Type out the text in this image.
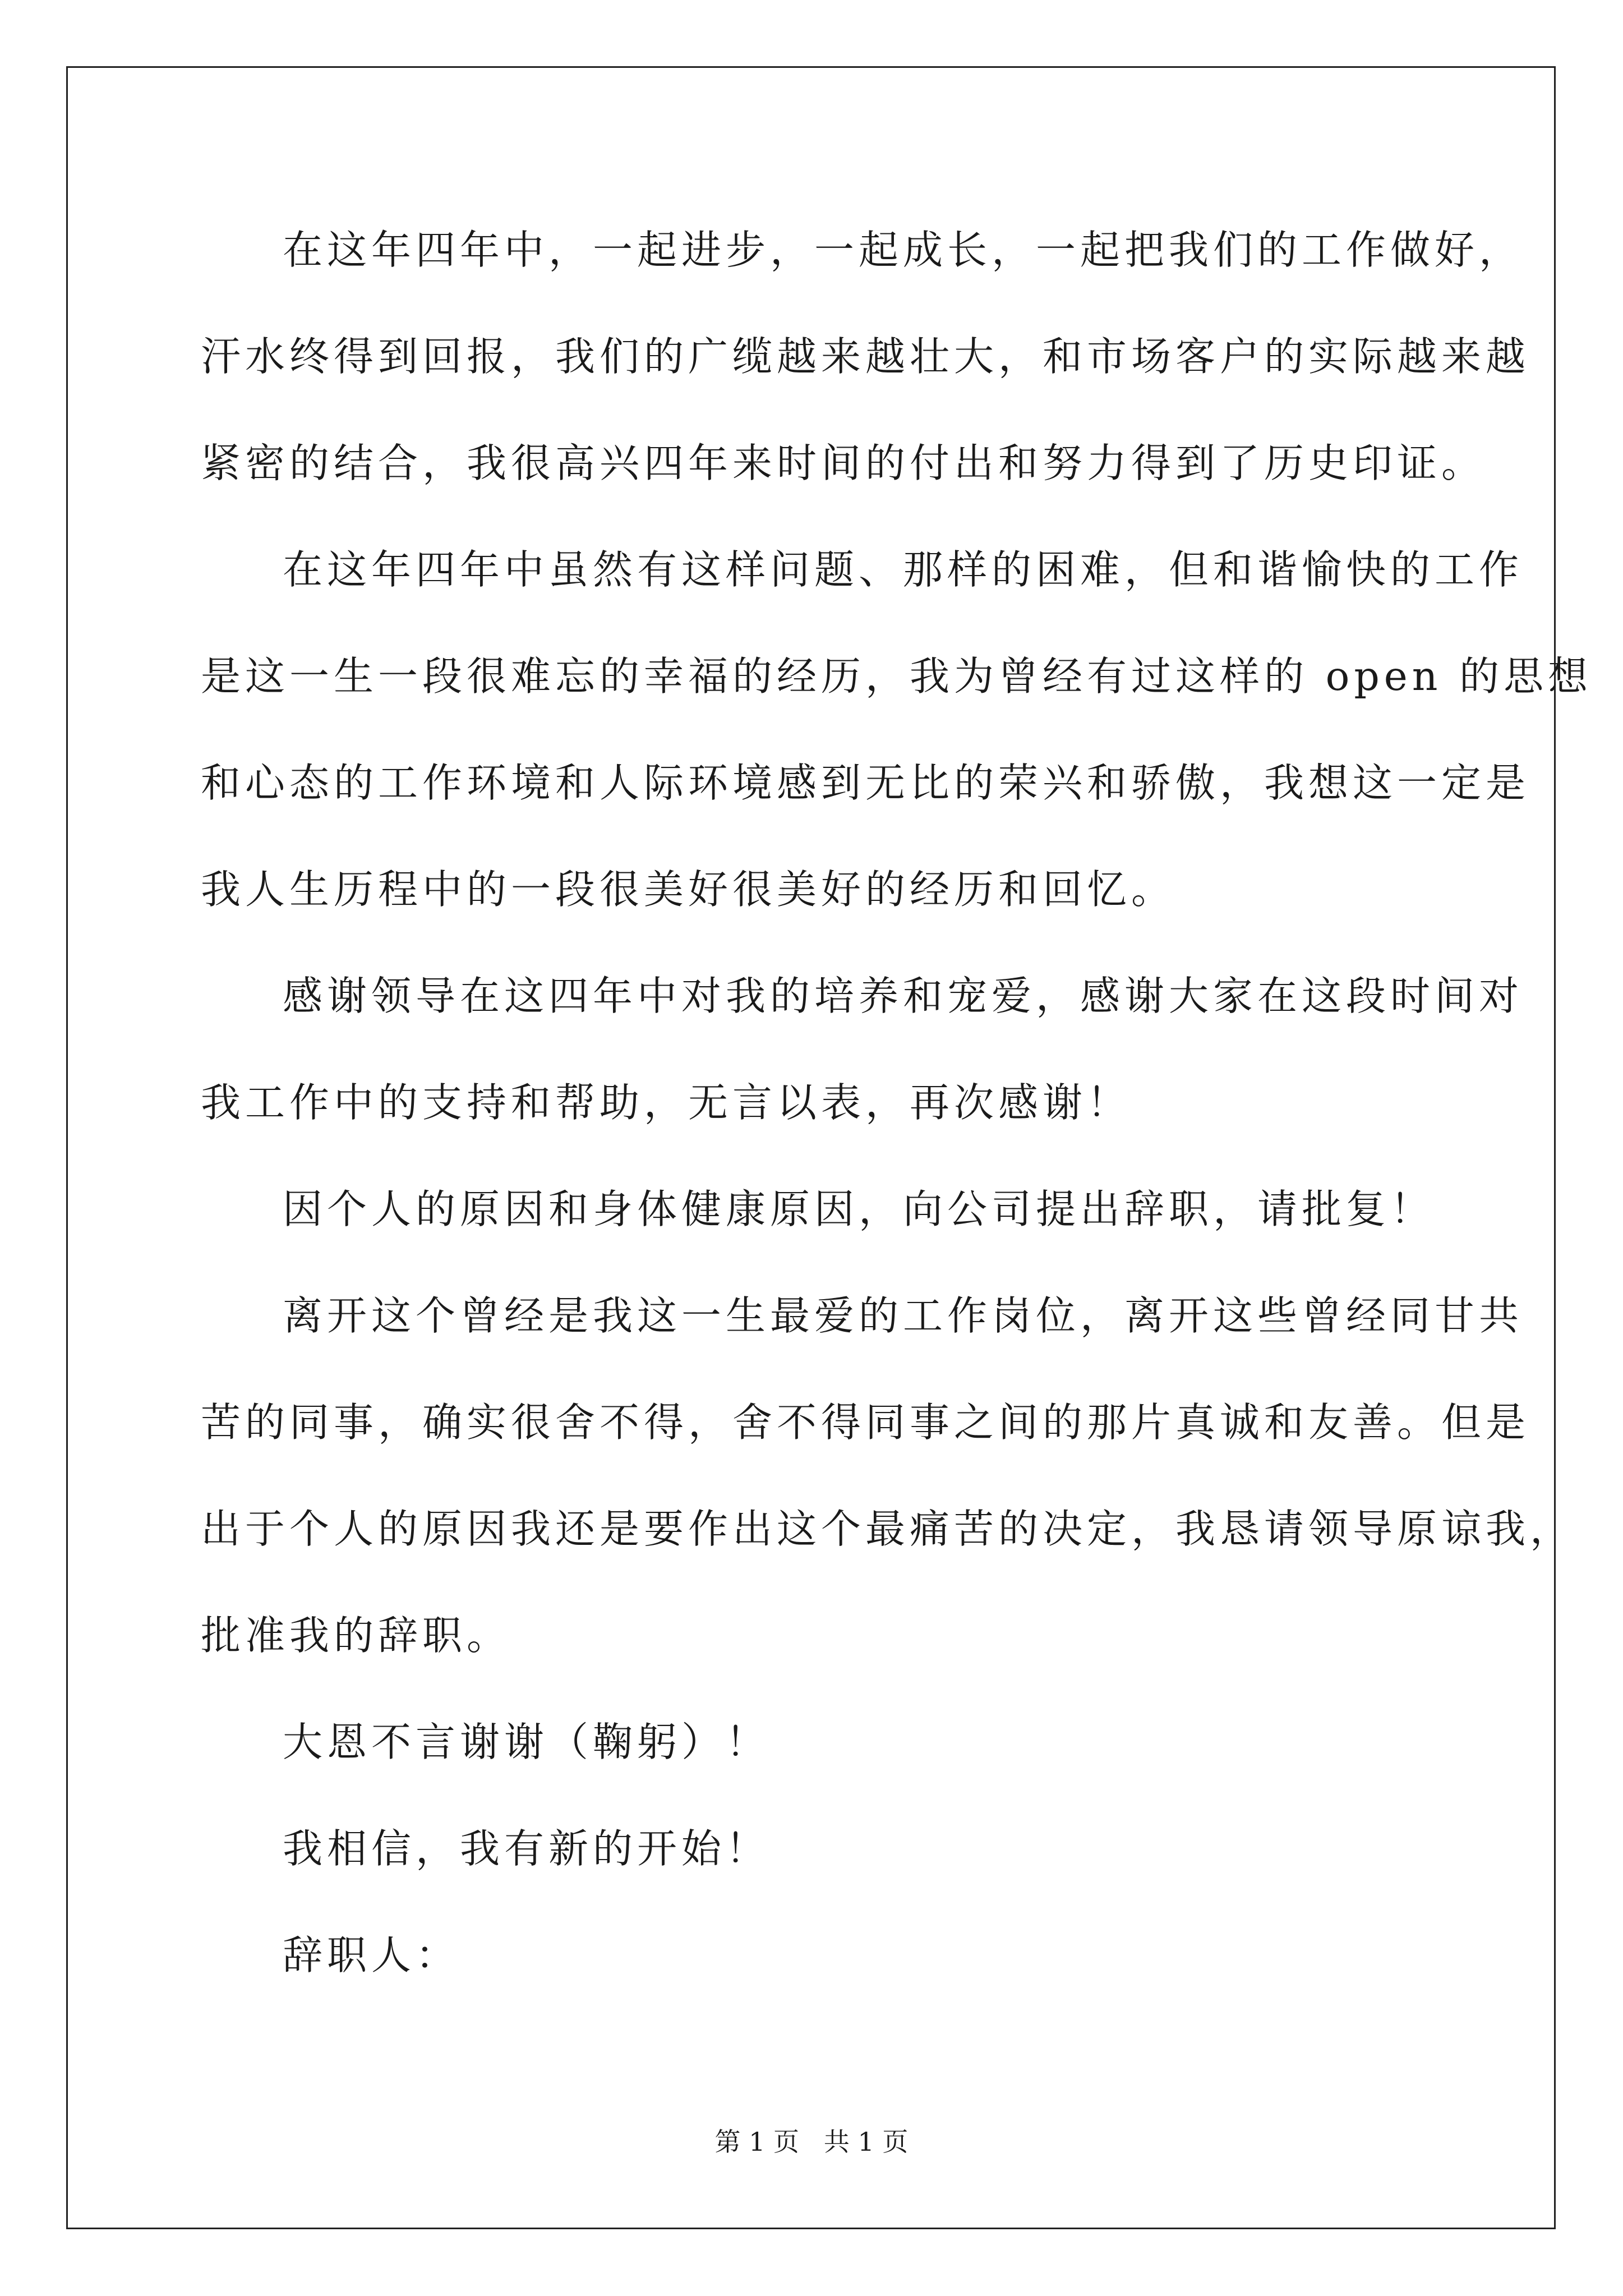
在这年四年中，一起进步，一起成长，一起把我们的工作做好，
汗水终得到回报，我们的广缆越来越壮大，和市场客户的实际越来越
紧密的结合，我很高兴四年来时间的付出和努力得到了历史印证。
在这年四年中虽然有这样问题、那样的困难，但和谐愉快的工作
是这一生一段很难忘的幸福的经历，我为曾经有过这样的 open 的思想
和心态的工作环境和人际环境感到无比的荣兴和骄傲，我想这一定是
我人生历程中的一段很美好很美好的经历和回忆。
感谢领导在这四年中对我的培养和宠爱，感谢大家在这段时间对
我工作中的支持和帮助，无言以表，再次感谢！
因个人的原因和身体健康原因，向公司提出辞职，请批复！
离开这个曾经是我这一生最爱的工作岗位，离开这些曾经同甘共
苦的同事，确实很舍不得，舍不得同事之间的那片真诚和友善。但是
出于个人的原因我还是要作出这个最痛苦的决定，我恳请领导原谅我，
批准我的辞职。
大恩不言谢谢（鞠躬）！
我相信，我有新的开始！
辞职人：
第 1 页   共 1 页
